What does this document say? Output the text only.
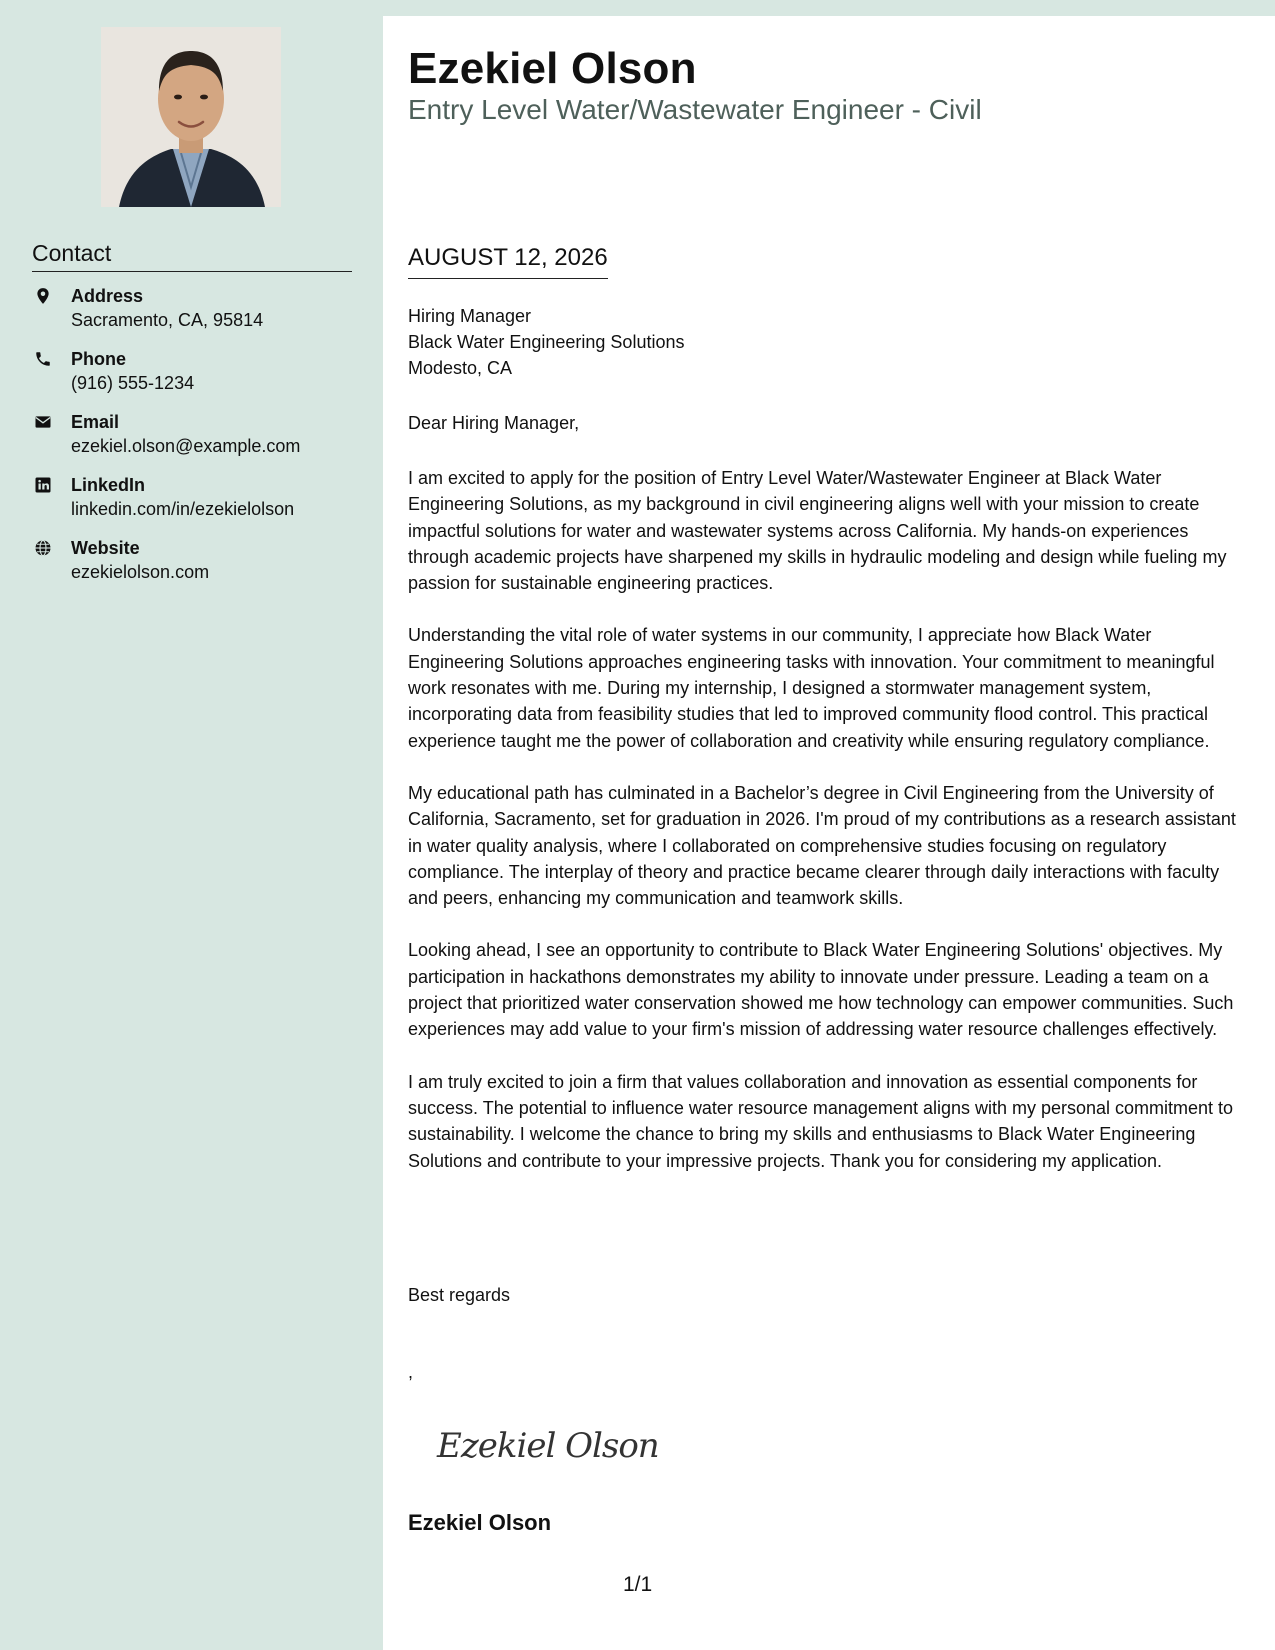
Contact
Address
Sacramento, CA, 95814
Phone
(916) 555-1234
Email
ezekiel.olson@example.com
LinkedIn
linkedin.com/in/ezekielolson
Website
ezekielolson.com
Ezekiel Olson
Entry Level Water/Wastewater Engineer - Civil
AUGUST 12, 2026
Hiring Manager
Black Water Engineering Solutions
Modesto, CA
Dear Hiring Manager,

I am excited to apply for the position of Entry Level Water/Wastewater Engineer at Black Water Engineering Solutions, as my background in civil engineering aligns well with your mission to create impactful solutions for water and wastewater systems across California. My hands-on experiences through academic projects have sharpened my skills in hydraulic modeling and design while fueling my passion for sustainable engineering practices.

Understanding the vital role of water systems in our community, I appreciate how Black Water Engineering Solutions approaches engineering tasks with innovation. Your commitment to meaningful work resonates with me. During my internship, I designed a stormwater management system, incorporating data from feasibility studies that led to improved community flood control. This practical experience taught me the power of collaboration and creativity while ensuring regulatory compliance.

My educational path has culminated in a Bachelor’s degree in Civil Engineering from the University of California, Sacramento, set for graduation in 2026. I'm proud of my contributions as a research assistant in water quality analysis, where I collaborated on comprehensive studies focusing on regulatory compliance. The interplay of theory and practice became clearer through daily interactions with faculty and peers, enhancing my communication and teamwork skills.

Looking ahead, I see an opportunity to contribute to Black Water Engineering Solutions' objectives. My participation in hackathons demonstrates my ability to innovate under pressure. Leading a team on a project that prioritized water conservation showed me how technology can empower communities. Such experiences may add value to your firm's mission of addressing water resource challenges effectively.

I am truly excited to join a firm that values collaboration and innovation as essential components for success. The potential to influence water resource management aligns with my personal commitment to sustainability. I welcome the chance to bring my skills and enthusiasms to Black Water Engineering Solutions and contribute to your impressive projects. Thank you for considering my application.

Best regards
,
Ezekiel Olson
Ezekiel Olson
1/1
